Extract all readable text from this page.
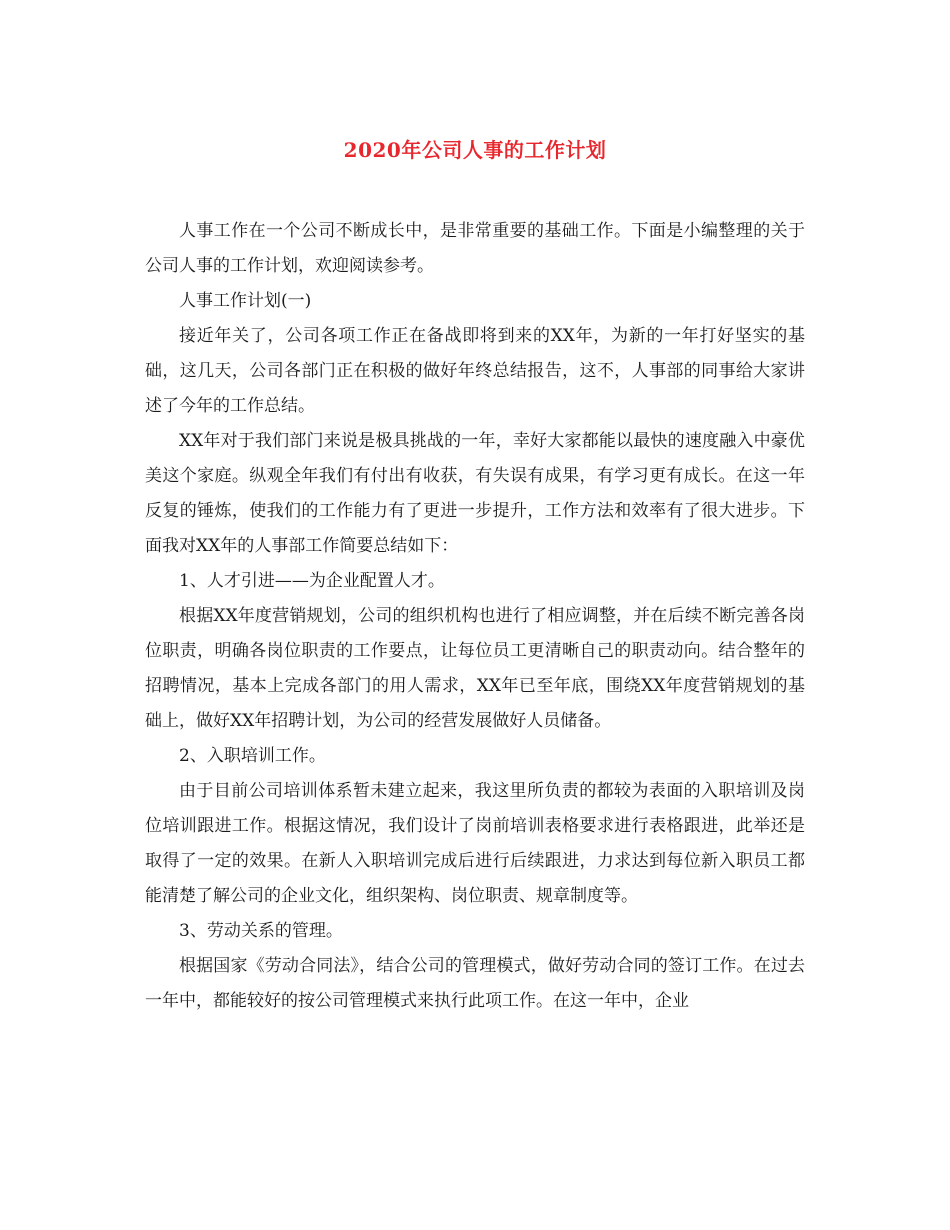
2020年公司人事的工作计划

人事工作在一个公司不断成长中，是非常重要的基础工作。下面是小编整理的关于公司人事的工作计划，欢迎阅读参考。

人事工作计划(一)

接近年关了，公司各项工作正在备战即将到来的XX年，为新的一年打好坚实的基础，这几天，公司各部门正在积极的做好年终总结报告，这不，人事部的同事给大家讲述了今年的工作总结。

XX年对于我们部门来说是极具挑战的一年，幸好大家都能以最快的速度融入中豪优美这个家庭。纵观全年我们有付出有收获，有失误有成果，有学习更有成长。在这一年反复的锤炼，使我们的工作能力有了更进一步提升，工作方法和效率有了很大进步。下面我对XX年的人事部工作简要总结如下：

1、人才引进——为企业配置人才。

根据XX年度营销规划，公司的组织机构也进行了相应调整，并在后续不断完善各岗位职责，明确各岗位职责的工作要点，让每位员工更清晰自己的职责动向。结合整年的招聘情况，基本上完成各部门的用人需求，XX年已至年底，围绕XX年度营销规划的基础上，做好XX年招聘计划，为公司的经营发展做好人员储备。

2、入职培训工作。

由于目前公司培训体系暂未建立起来，我这里所负责的都较为表面的入职培训及岗位培训跟进工作。根据这情况，我们设计了岗前培训表格要求进行表格跟进，此举还是取得了一定的效果。在新人入职培训完成后进行后续跟进，力求达到每位新入职员工都能清楚了解公司的企业文化，组织架构、岗位职责、规章制度等。

3、劳动关系的管理。

根据国家《劳动合同法》，结合公司的管理模式，做好劳动合同的签订工作。在过去一年中，都能较好的按公司管理模式来执行此项工作。在这一年中，企业
